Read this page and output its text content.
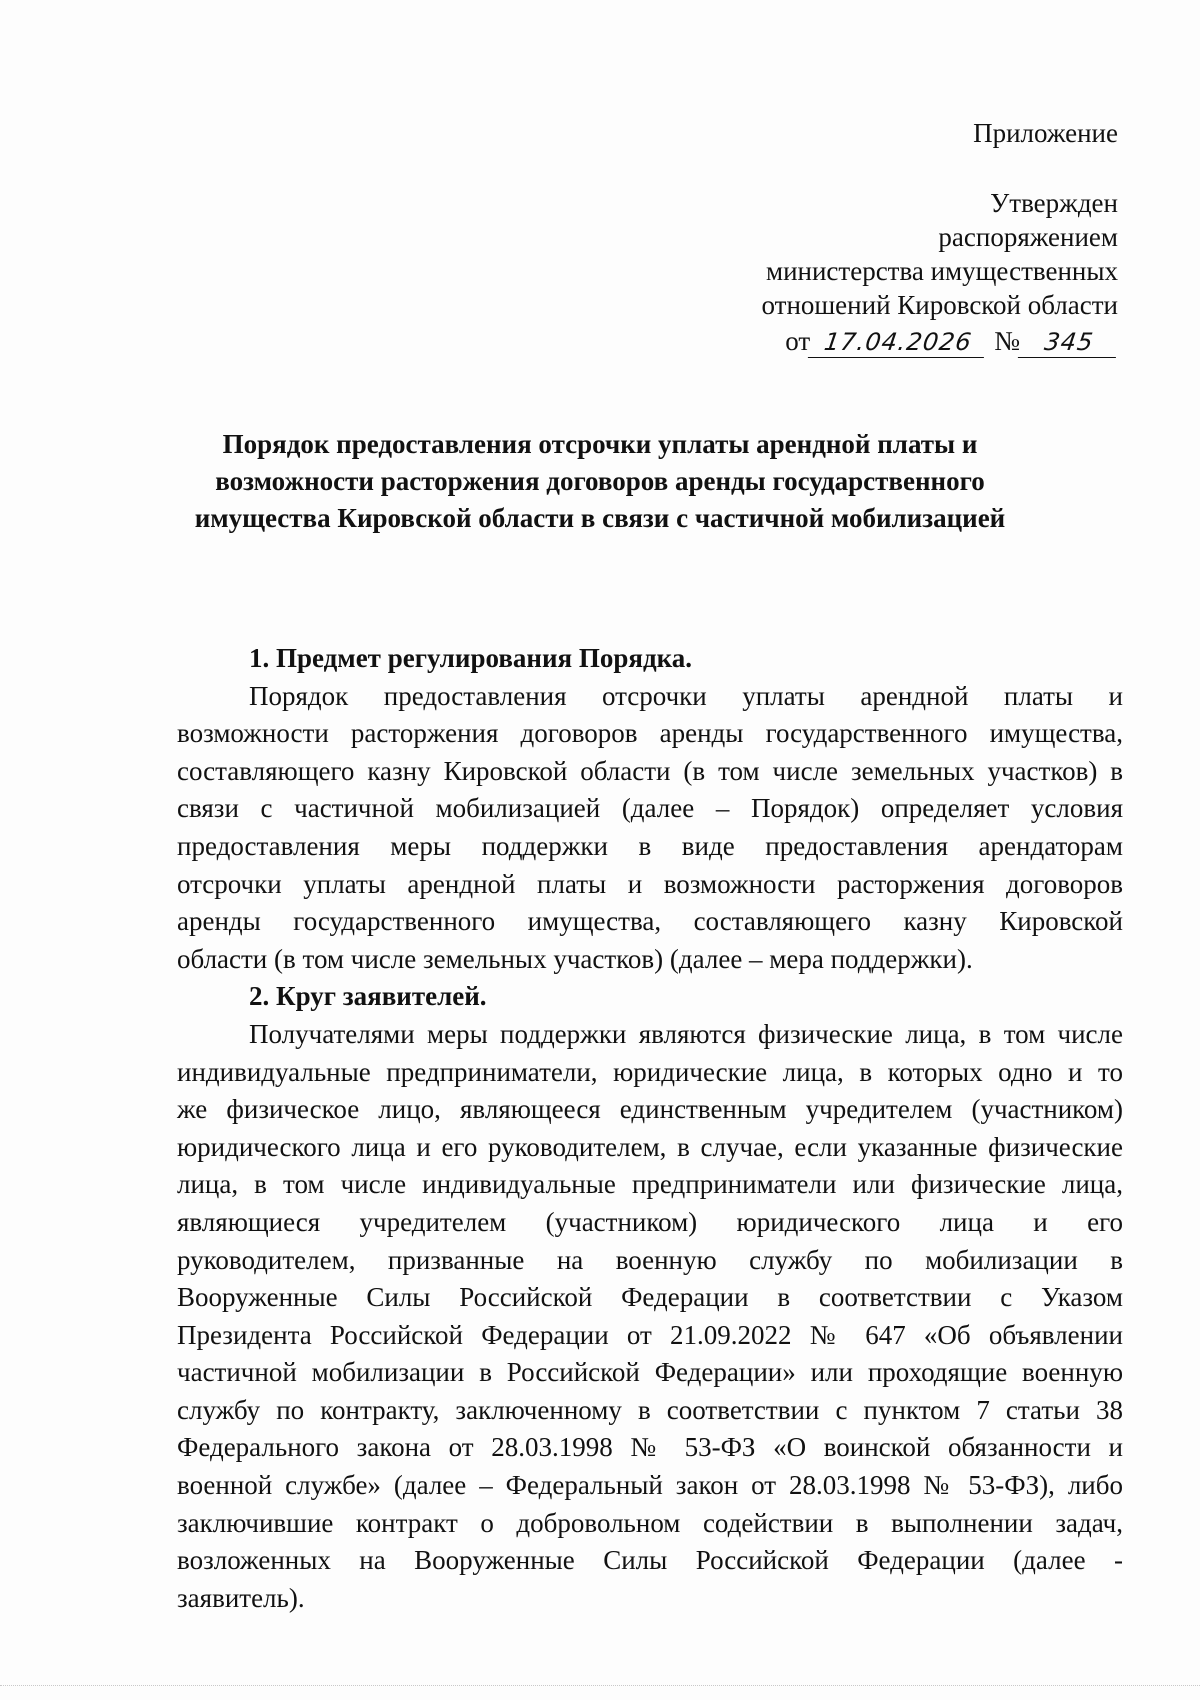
Приложение
Утвержден
распоряжением
министерства имущественных
отношений Кировской области
от 17.04.2026 № 345
Порядок предоставления отсрочки уплаты арендной платы и
возможности расторжения договоров аренды государственного
имущества Кировской области в связи с частичной мобилизацией
1. Предмет регулирования Порядка.
Порядок предоставления отсрочки уплаты арендной платы и
возможности расторжения договоров аренды государственного имущества,
составляющего казну Кировской области (в том числе земельных участков) в
связи с частичной мобилизацией (далее – Порядок) определяет условия
предоставления меры поддержки в виде предоставления арендаторам
отсрочки уплаты арендной платы и возможности расторжения договоров
аренды государственного имущества, составляющего казну Кировской
области (в том числе земельных участков) (далее – мера поддержки).
2. Круг заявителей.
Получателями меры поддержки являются физические лица, в том числе
индивидуальные предприниматели, юридические лица, в которых одно и то
же физическое лицо, являющееся единственным учредителем (участником)
юридического лица и его руководителем, в случае, если указанные физические
лица, в том числе индивидуальные предприниматели или физические лица,
являющиеся учредителем (участником) юридического лица и его
руководителем, призванные на военную службу по мобилизации в
Вооруженные Силы Российской Федерации в соответствии с Указом
Президента Российской Федерации от 21.09.2022 № 647 «Об объявлении
частичной мобилизации в Российской Федерации» или проходящие военную
службу по контракту, заключенному в соответствии с пунктом 7 статьи 38
Федерального закона от 28.03.1998 № 53-ФЗ «О воинской обязанности и
военной службе» (далее – Федеральный закон от 28.03.1998 № 53-ФЗ), либо
заключившие контракт о добровольном содействии в выполнении задач,
возложенных на Вооруженные Силы Российской Федерации (далее -
заявитель).
